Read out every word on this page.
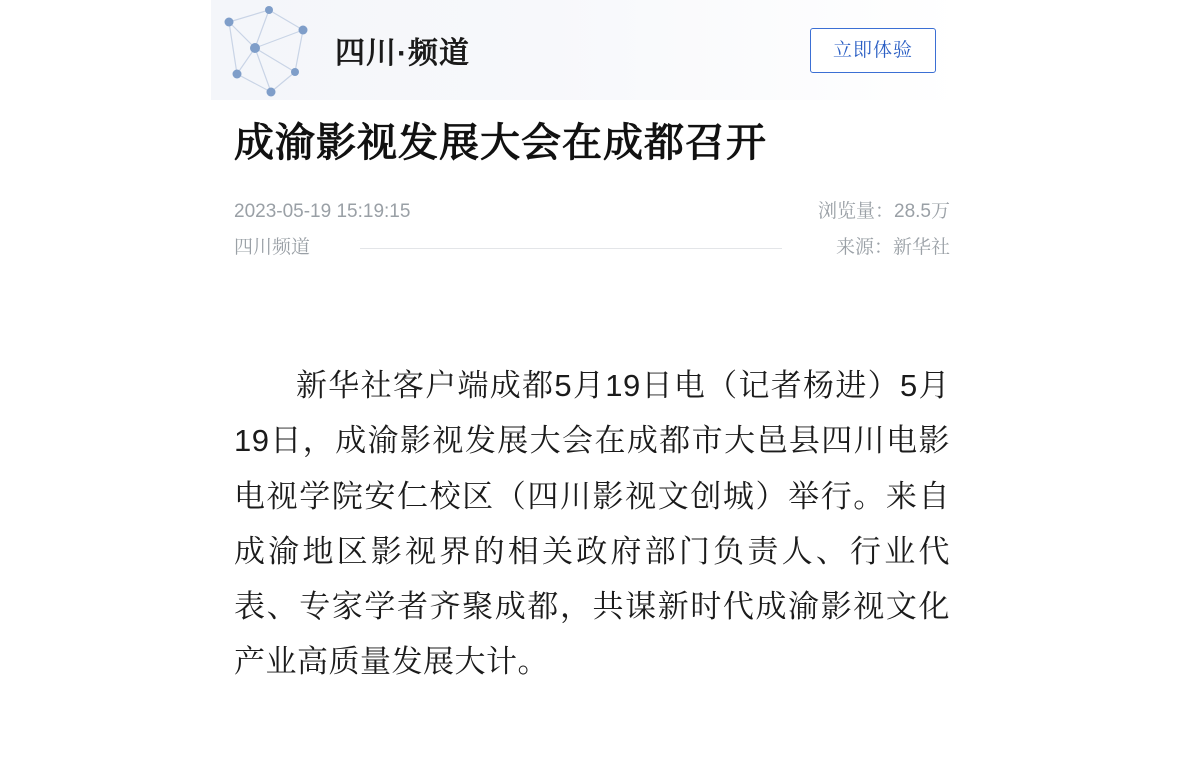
四川·频道	立即体验
成渝影视发展大会在成都召开
2023-05-19 15:19:15	浏览量：28.5万
四川频道	来源：新华社

新华社客户端成都5月19日电（记者杨进）5月19日，成渝影视发展大会在成都市大邑县四川电影电视学院安仁校区（四川影视文创城）举行。来自成渝地区影视界的相关政府部门负责人、行业代表、专家学者齐聚成都，共谋新时代成渝影视文化产业高质量发展大计。
